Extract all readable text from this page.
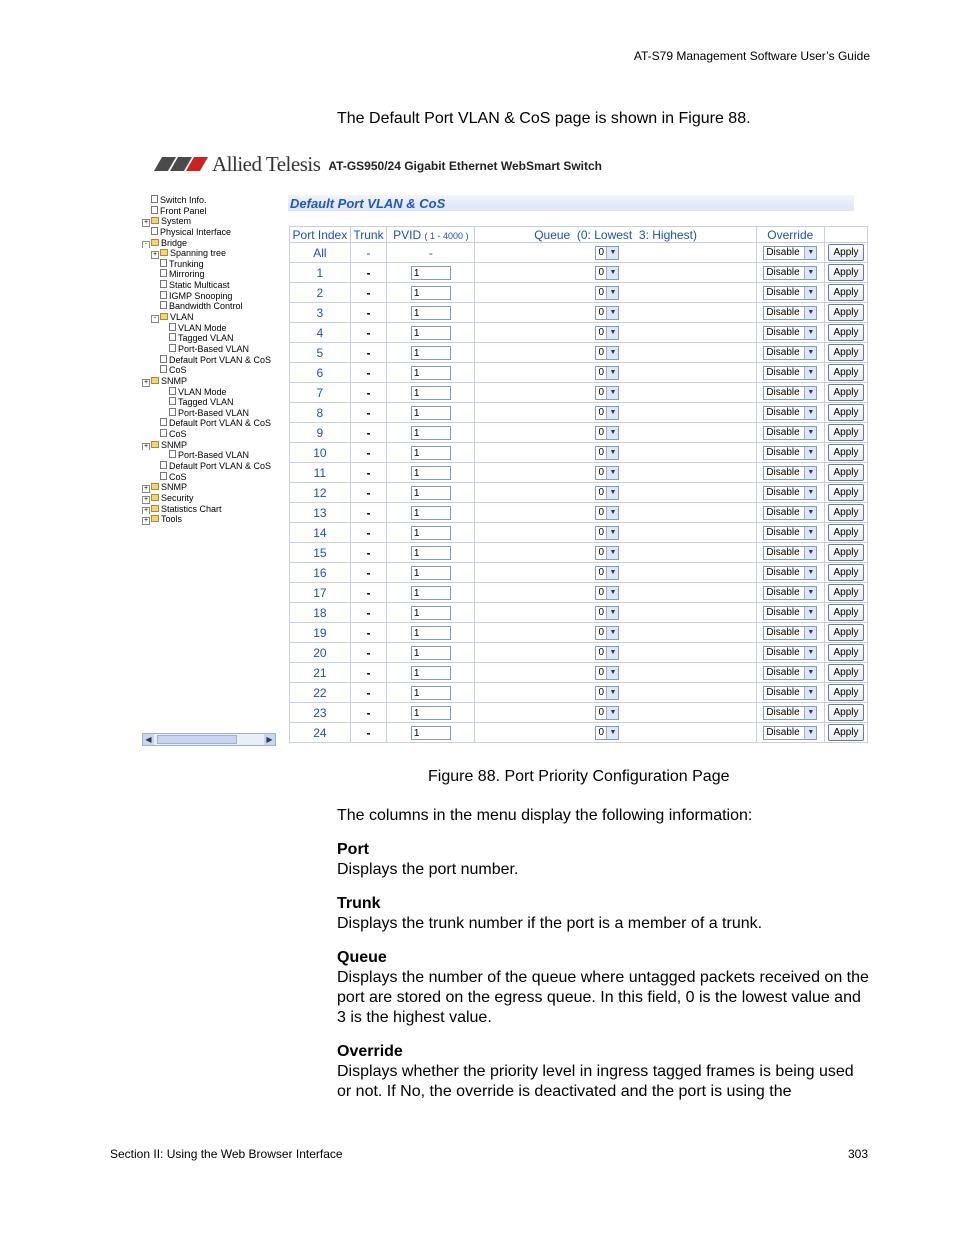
AT-S79 Management Software User’s Guide
The Default Port VLAN & CoS page is shown in Figure 88.
Allied Telesis AT-GS950/24 Gigabit Ethernet WebSmart Switch
Switch Info.
Front Panel
+ System
Physical Interface
- Bridge
+ Spanning tree
Trunking
Mirroring
Static Multicast
IGMP Snooping
Bandwidth Control
- VLAN
VLAN Mode
Tagged VLAN
Port-Based VLAN
Default Port VLAN & CoS
CoS
+ SNMP
VLAN Mode
Tagged VLAN
Port-Based VLAN
Default Port VLAN & CoS
CoS
+ SNMP
Port-Based VLAN
Default Port VLAN & CoS
CoS
+ SNMP
+ Security
+ Statistics Chart
+ Tools
◀	▶
Default Port VLAN & CoS
Port Index	Trunk	PVID ( 1 - 4000 )	Queue  (0: Lowest  3: Highest)	Override	
All	-	-	0 ▼	Disable ▼	Apply
1	-	1	0 ▼	Disable ▼	Apply
2	-	1	0 ▼	Disable ▼	Apply
3	-	1	0 ▼	Disable ▼	Apply
4	-	1	0 ▼	Disable ▼	Apply
5	-	1	0 ▼	Disable ▼	Apply
6	-	1	0 ▼	Disable ▼	Apply
7	-	1	0 ▼	Disable ▼	Apply
8	-	1	0 ▼	Disable ▼	Apply
9	-	1	0 ▼	Disable ▼	Apply
10	-	1	0 ▼	Disable ▼	Apply
11	-	1	0 ▼	Disable ▼	Apply
12	-	1	0 ▼	Disable ▼	Apply
13	-	1	0 ▼	Disable ▼	Apply
14	-	1	0 ▼	Disable ▼	Apply
15	-	1	0 ▼	Disable ▼	Apply
16	-	1	0 ▼	Disable ▼	Apply
17	-	1	0 ▼	Disable ▼	Apply
18	-	1	0 ▼	Disable ▼	Apply
19	-	1	0 ▼	Disable ▼	Apply
20	-	1	0 ▼	Disable ▼	Apply
21	-	1	0 ▼	Disable ▼	Apply
22	-	1	0 ▼	Disable ▼	Apply
23	-	1	0 ▼	Disable ▼	Apply
24	-	1	0 ▼	Disable ▼	Apply
Figure 88. Port Priority Configuration Page
The columns in the menu display the following information:
Port
Displays the port number.
Trunk
Displays the trunk number if the port is a member of a trunk.
Queue
Displays the number of the queue where untagged packets received on the port are stored on the egress queue. In this field, 0 is the lowest value and 3 is the highest value.
Override
Displays whether the priority level in ingress tagged frames is being used or not. If No, the override is deactivated and the port is using the
Section II: Using the Web Browser Interface	303
